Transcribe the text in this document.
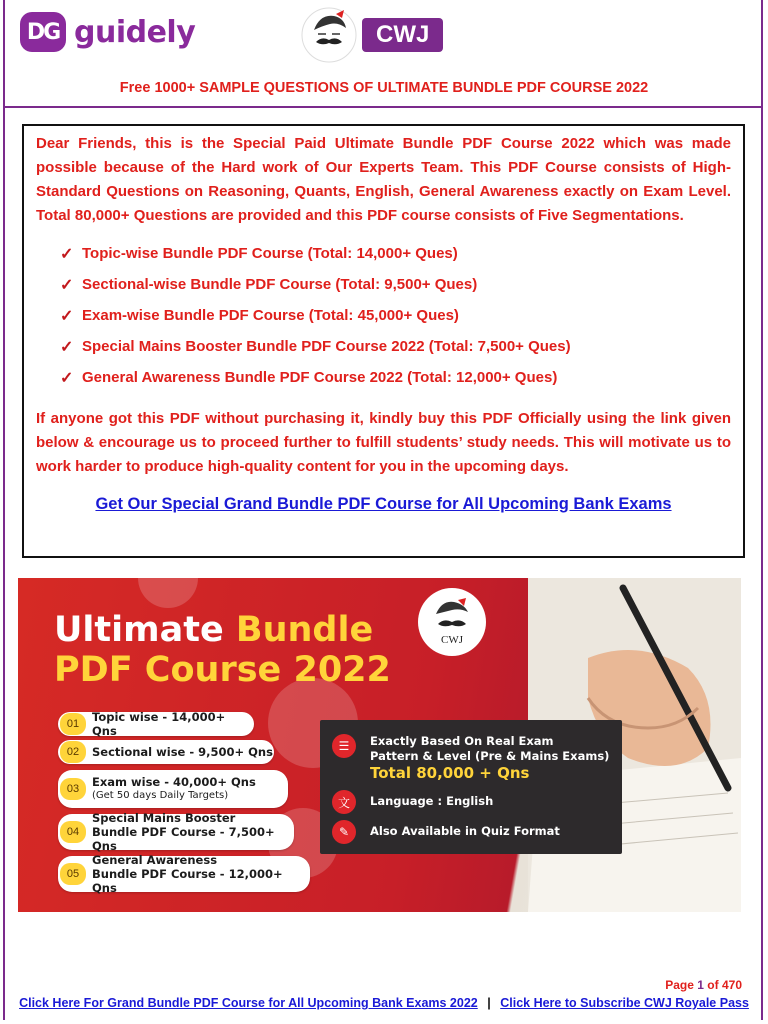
DG guidely	CWJ
Free 1000+ SAMPLE QUESTIONS OF ULTIMATE BUNDLE PDF COURSE 2022

Dear Friends, this is the Special Paid Ultimate Bundle PDF Course 2022 which was made possible because of the Hard work of Our Experts Team. This PDF Course consists of High-Standard Questions on Reasoning, Quants, English, General Awareness exactly on Exam Level. Total 80,000+ Questions are provided and this PDF course consists of Five Segmentations.

✓ Topic-wise Bundle PDF Course (Total: 14,000+ Ques)
✓ Sectional-wise Bundle PDF Course (Total: 9,500+ Ques)
✓ Exam-wise Bundle PDF Course (Total: 45,000+ Ques)
✓ Special Mains Booster Bundle PDF Course 2022 (Total: 7,500+ Ques)
✓ General Awareness Bundle PDF Course 2022 (Total: 12,000+ Ques)

If anyone got this PDF without purchasing it, kindly buy this PDF Officially using the link given below & encourage us to proceed further to fulfill students’ study needs. This will motivate us to work harder to produce high-quality content for you in the upcoming days.

Get Our Special Grand Bundle PDF Course for All Upcoming Bank Exams
Ultimate Bundle
PDF Course 2022
CWJ
01	Topic wise - 14,000+ Qns
02	Sectional wise - 9,500+ Qns
03	Exam wise - 40,000+ Qns
(Get 50 days Daily Targets)
04
Special Mains Booster
Bundle PDF Course - 7,500+ Qns
05
General Awareness
Bundle PDF Course - 12,000+ Qns
☰	Exactly Based On Real Exam
Pattern & Level (Pre & Mains Exams)
Total 80,000 + Qns
文	Language : English
✎	Also Available in Quiz Format
Page 1 of 470
Click Here For Grand Bundle PDF Course for All Upcoming Bank Exams 2022 | Click Here to Subscribe CWJ Royale Pass
